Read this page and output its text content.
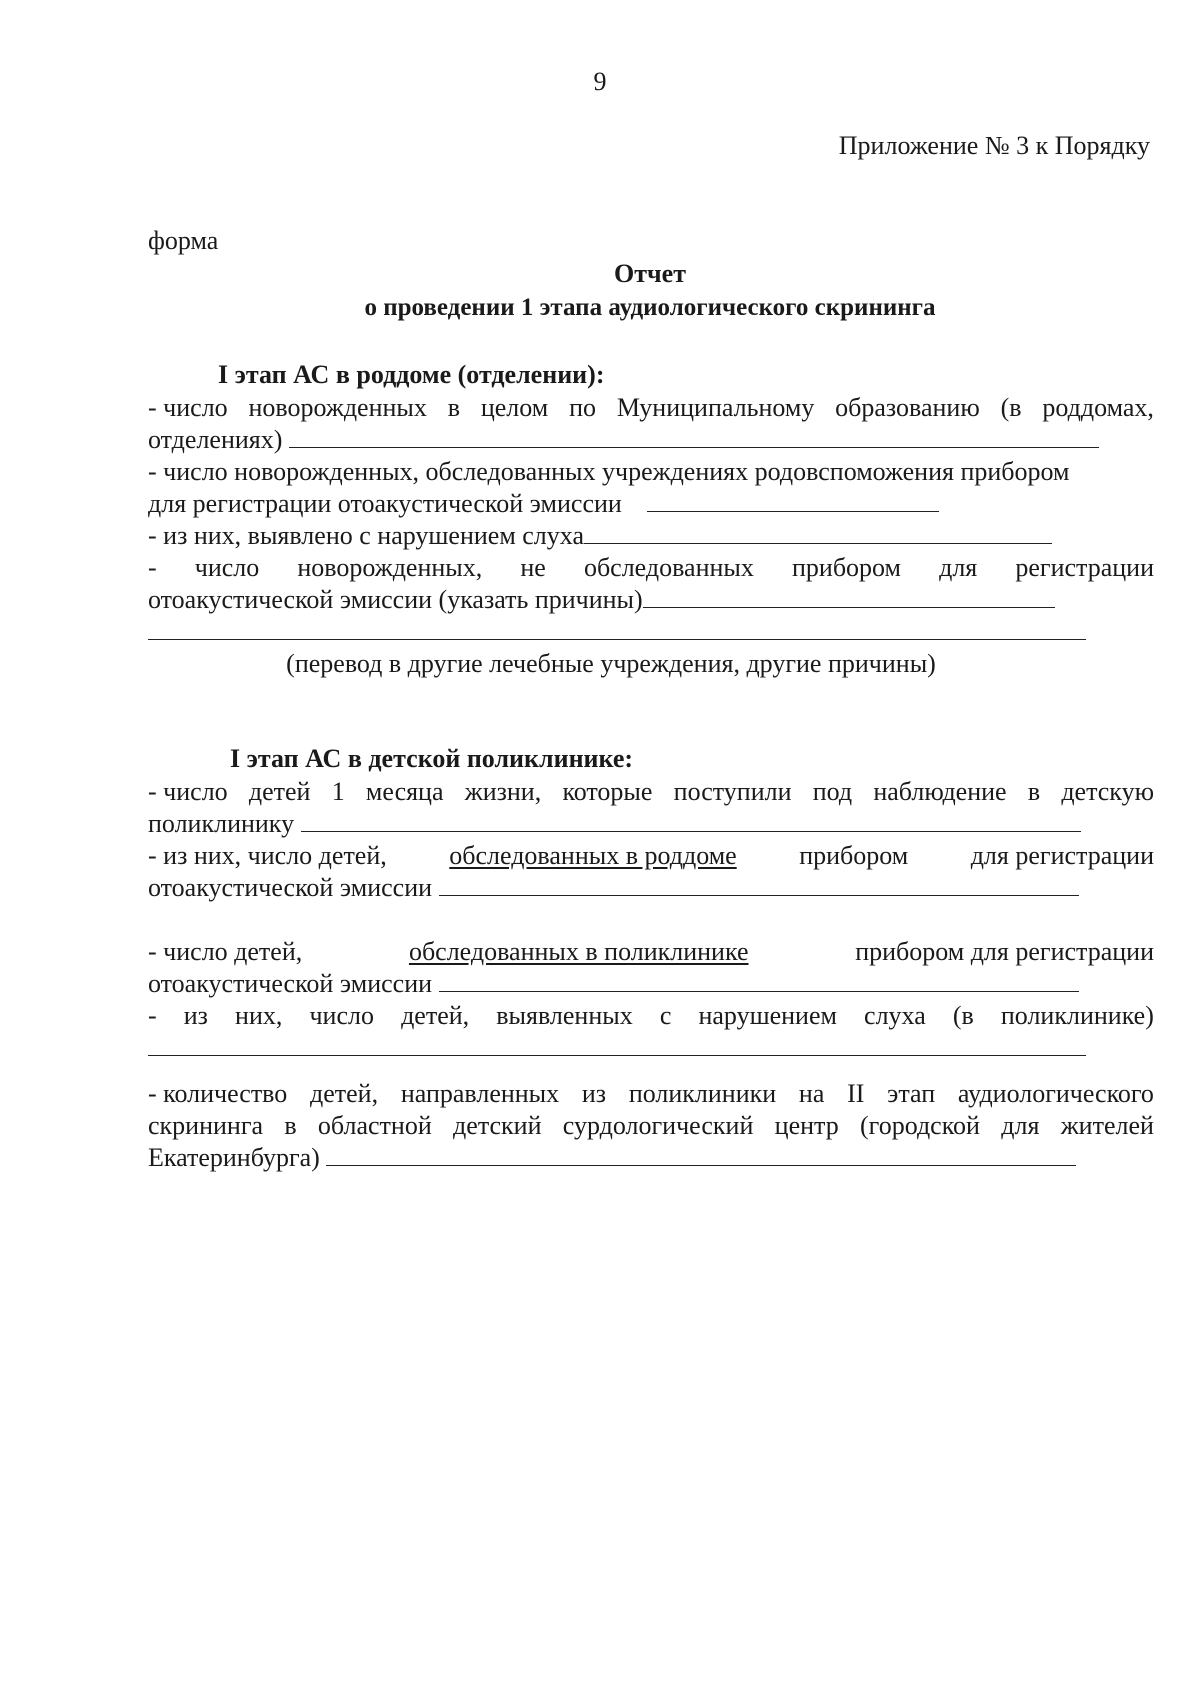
9
Приложение № 3 к Порядку
форма
Отчет
о проведении 1 этапа аудиологического скрининга
I этап АС в роддоме (отделении):
- число новорожденных в целом по Муниципальному образованию (в роддомах,
отделениях)
- число новорожденных, обследованных учреждениях родовспоможения прибором
для регистрации отоакустической эмиссии
- из них, выявлено с нарушением слуха
- число новорожденных, не обследованных прибором для регистрации
отоакустической эмиссии (указать причины)
(перевод в другие лечебные учреждения, другие причины)
I этап АС в детской поликлинике:
- число детей 1 месяца жизни, которые поступили под наблюдение в детскую
поликлинику
- из них, число детей, обследованных в роддоме прибором для регистрации
отоакустической эмиссии
- число детей,	обследованных в поликлинике	прибором для регистрации
отоакустической эмиссии
- из них, число детей, выявленных с нарушением слуха (в поликлинике)
- количество детей, направленных из поликлиники на II этап аудиологического
скрининга в областной детский сурдологический центр (городской для жителей
Екатеринбурга)
